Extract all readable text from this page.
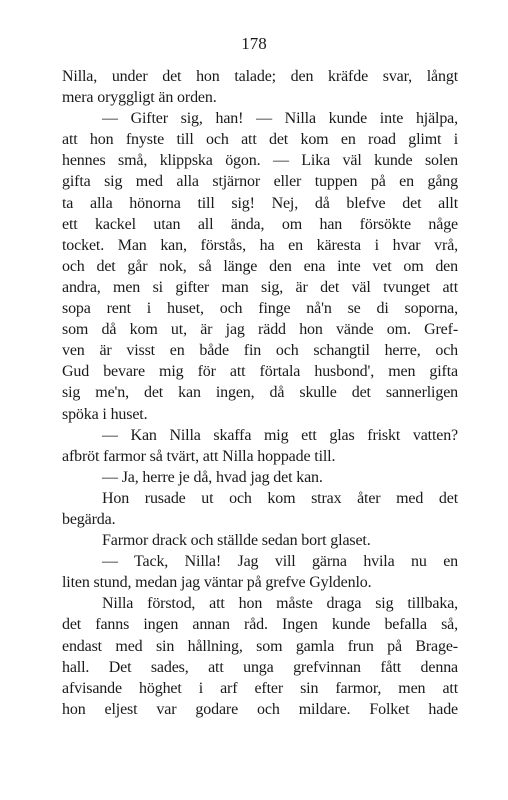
178
Nilla, under det hon talade; den kräfde svar, långt
mera oryggligt än orden.
— Gifter sig, han! — Nilla kunde inte hjälpa,
att hon fnyste till och att det kom en road glimt i
hennes små, klippska ögon. — Lika väl kunde solen
gifta sig med alla stjärnor eller tuppen på en gång
ta alla hönorna till sig! Nej, då blefve det allt
ett kackel utan all ända, om han försökte någe
tocket. Man kan, förstås, ha en käresta i hvar vrå,
och det går nok, så länge den ena inte vet om den
andra, men si gifter man sig, är det väl tvunget att
sopa rent i huset, och finge nå'n se di soporna,
som då kom ut, är jag rädd hon vände om. Gref-
ven är visst en både fin och schangtil herre, och
Gud bevare mig för att förtala husbond', men gifta
sig me'n, det kan ingen, då skulle det sannerligen
spöka i huset.
— Kan Nilla skaffa mig ett glas friskt vatten?
afbröt farmor så tvärt, att Nilla hoppade till.
— Ja, herre je då, hvad jag det kan.
Hon rusade ut och kom strax åter med det
begärda.
Farmor drack och ställde sedan bort glaset.
— Tack, Nilla! Jag vill gärna hvila nu en
liten stund, medan jag väntar på grefve Gyldenlo.
Nilla förstod, att hon måste draga sig tillbaka,
det fanns ingen annan råd. Ingen kunde befalla så,
endast med sin hållning, som gamla frun på Brage-
hall. Det sades, att unga grefvinnan fått denna
afvisande höghet i arf efter sin farmor, men att
hon eljest var godare och mildare. Folket hade
